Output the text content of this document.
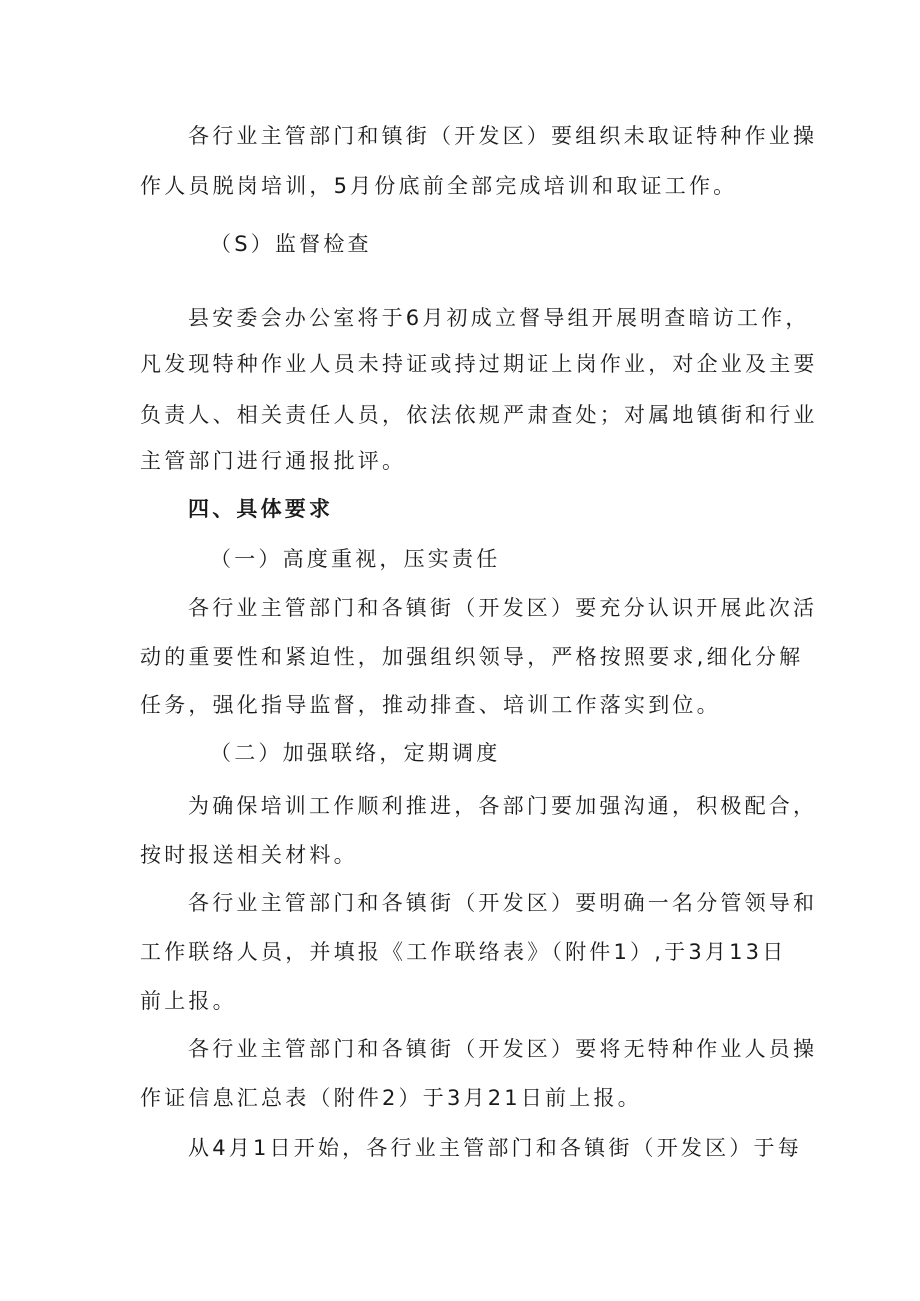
各行业主管部门和镇街（开发区）要组织未取证特种作业操

作人员脱岗培训，5月份底前全部完成培训和取证工作。

（S）监督检查

县安委会办公室将于6月初成立督导组开展明查暗访工作，

凡发现特种作业人员未持证或持过期证上岗作业，对企业及主要

负责人、相关责任人员，依法依规严肃查处；对属地镇街和行业

主管部门进行通报批评。

四、具体要求

（一）高度重视，压实责任

各行业主管部门和各镇街（开发区）要充分认识开展此次活

动的重要性和紧迫性，加强组织领导，严格按照要求,细化分解

任务，强化指导监督，推动排查、培训工作落实到位。

（二）加强联络，定期调度

为确保培训工作顺利推进，各部门要加强沟通，积极配合，

按时报送相关材料。

各行业主管部门和各镇街（开发区）要明确一名分管领导和

工作联络人员，并填报《工作联络表》（附件1）,于3月13日

前上报。

各行业主管部门和各镇街（开发区）要将无特种作业人员操

作证信息汇总表（附件2）于3月21日前上报。

从4月1日开始，各行业主管部门和各镇街（开发区）于每
